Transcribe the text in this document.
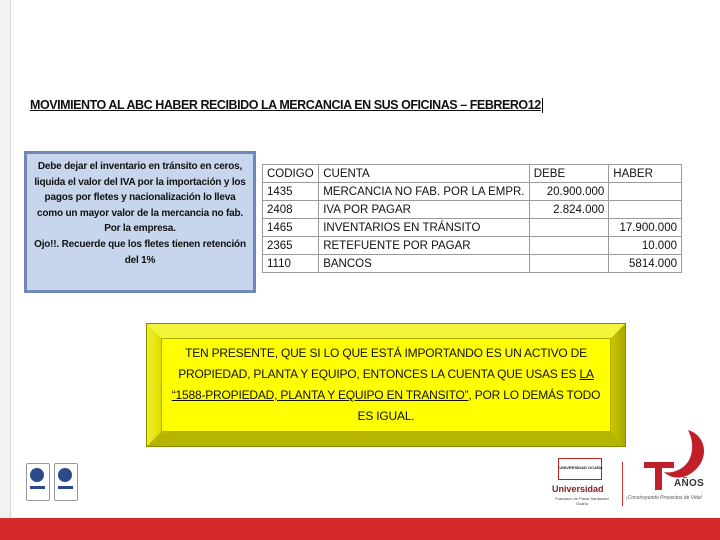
MOVIMIENTO AL ABC HABER RECIBIDO LA MERCANCIA EN SUS OFICINAS – FEBRERO12
Debe dejar el inventario en tránsito en ceros,
liquida el valor del IVA por la importación y los
pagos por fletes y nacionalización lo lleva
como un mayor valor de la mercancia no fab.
Por la empresa.
Ojo!!. Recuerde que los fletes tienen retención
del 1%
CODIGO	CUENTA	DEBE	HABER
1435	MERCANCIA NO FAB. POR LA EMPR.	20.900.000	
2408	IVA POR PAGAR	2.824.000	
1465	INVENTARIOS EN TRÁNSITO		17.900.000
2365	RETEFUENTE POR PAGAR		10.000
1110	BANCOS		5814.000
TEN PRESENTE, QUE SI LO QUE ESTÁ IMPORTANDO ES UN ACTIVO DE PROPIEDAD, PLANTA Y EQUIPO, ENTONCES LA CUENTA QUE USAS ES LA “1588-PROPIEDAD, PLANTA Y EQUIPO EN TRANSITO”, POR LO DEMÁS TODO ES IGUAL.
UNIVERSIDAD OCAÑA
Universidad
Francisco de Paula Santander Ocaña
AÑOS
¡Construyendo Proyectos de Vida!
